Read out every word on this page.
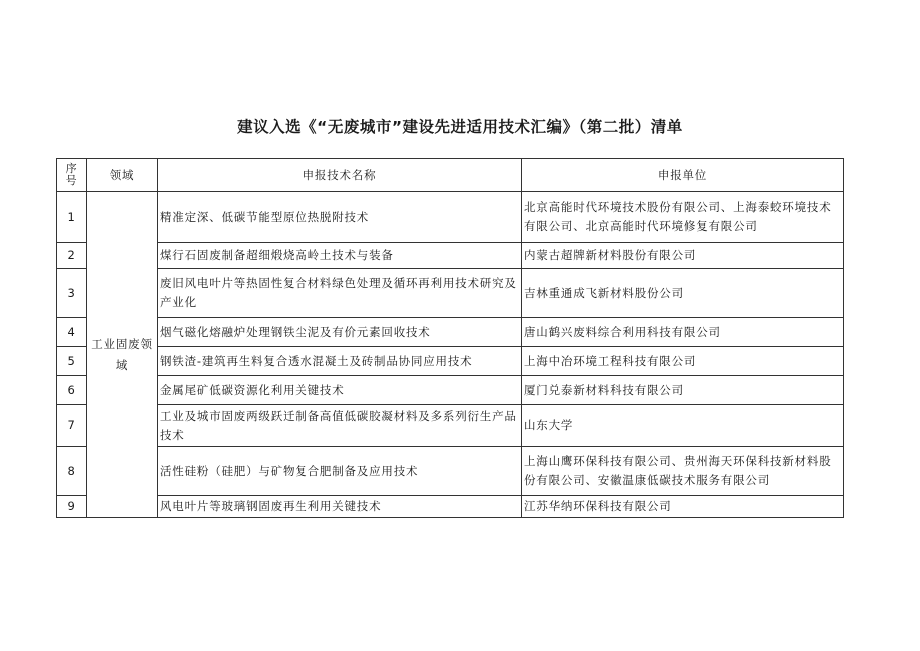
建议入选《“无废城市”建设先进适用技术汇编》（第二批）清单
序
号	领域	申报技术名称	申报单位
1	工业固废领域	精准定深、低碳节能型原位热脱附技术	北京高能时代环境技术股份有限公司、上海泰蛟环境技术有限公司、北京高能时代环境修复有限公司
2		煤行石固废制备超细煅烧高岭土技术与装备	内蒙古超牌新材料股份有限公司
3		废旧风电叶片等热固性复合材料绿色处理及循环再利用技术研究及产业化	吉林重通成飞新材料股份公司
4		烟气磁化熔融炉处理钢铁尘泥及有价元素回收技术	唐山鹤兴废料综合利用科技有限公司
5		钢铁渣-建筑再生料复合透水混凝土及砖制品协同应用技术	上海中冶环境工程科技有限公司
6		金属尾矿低碳资源化利用关键技术	厦门兑泰新材料科技有限公司
7		工业及城市固废两级跃迁制备高值低碳胶凝材料及多系列衍生产品技术	山东大学
8		活性硅粉（硅肥）与矿物复合肥制备及应用技术	上海山鹰环保科技有限公司、贵州海天环保科技新材料股份有限公司、安徽温康低碳技术服务有限公司
9		风电叶片等玻璃钢固废再生利用关键技术	江苏华纳环保科技有限公司
